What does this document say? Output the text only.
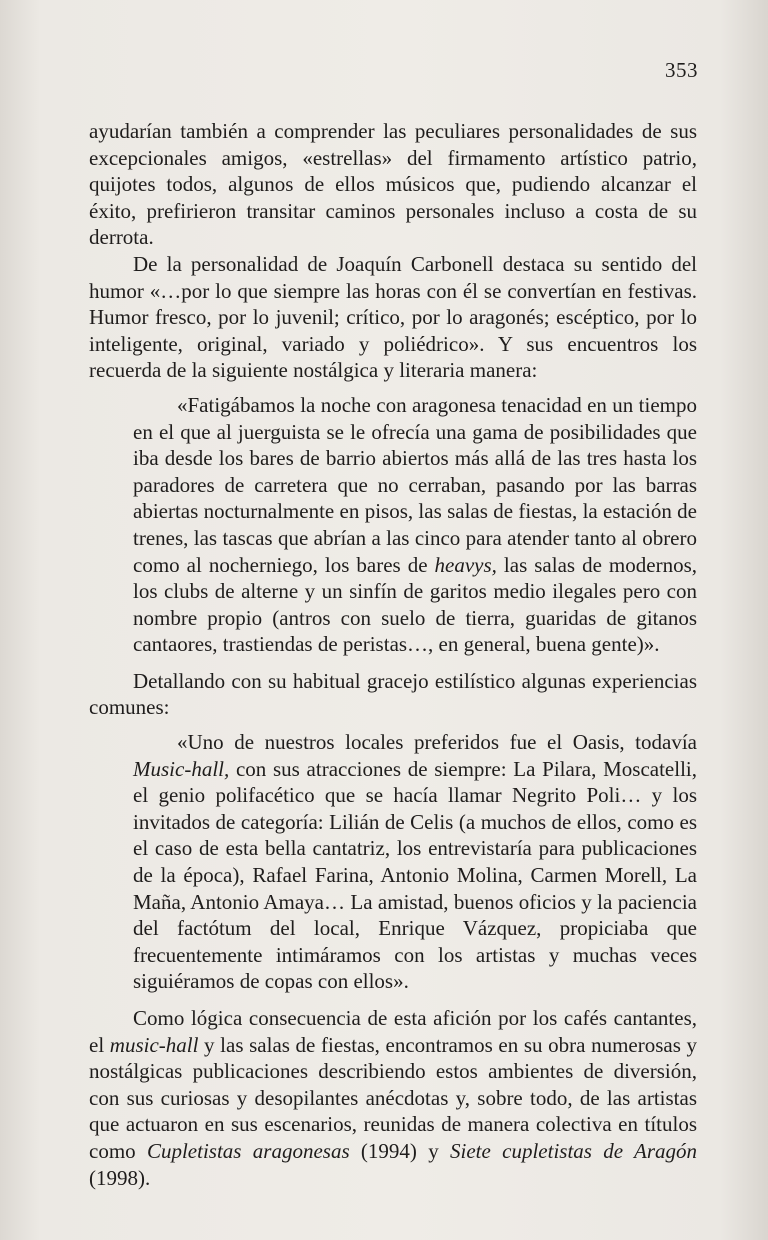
353

ayudarían también a comprender las peculiares personalidades de sus excepcionales amigos, «estrellas» del firmamento artístico patrio, quijotes todos, algunos de ellos músicos que, pudiendo alcanzar el éxito, prefirieron transitar caminos personales incluso a costa de su derrota.

De la personalidad de Joaquín Carbonell destaca su sentido del humor «…por lo que siempre las horas con él se convertían en festivas. Humor fresco, por lo juvenil; crítico, por lo aragonés; escéptico, por lo inteligente, original, variado y poliédrico». Y sus encuentros los recuerda de la siguiente nostálgica y literaria manera:

«Fatigábamos la noche con aragonesa tenacidad en un tiempo en el que al juerguista se le ofrecía una gama de posibilidades que iba desde los bares de barrio abiertos más allá de las tres hasta los paradores de carretera que no cerraban, pasando por las barras abiertas nocturnalmente en pisos, las salas de fiestas, la estación de trenes, las tascas que abrían a las cinco para atender tanto al obrero como al nocherniego, los bares de heavys, las salas de modernos, los clubs de alterne y un sinfín de garitos medio ilegales pero con nombre propio (antros con suelo de tierra, guaridas de gitanos cantaores, trastiendas de peristas…, en general, buena gente)».

Detallando con su habitual gracejo estilístico algunas experiencias comunes:

«Uno de nuestros locales preferidos fue el Oasis, todavía Music-hall, con sus atracciones de siempre: La Pilara, Moscatelli, el genio polifacético que se hacía llamar Negrito Poli… y los invitados de categoría: Lilián de Celis (a muchos de ellos, como es el caso de esta bella cantatriz, los entrevistaría para publicaciones de la época), Rafael Farina, Antonio Molina, Carmen Morell, La Maña, Antonio Amaya… La amistad, buenos oficios y la paciencia del factótum del local, Enrique Vázquez, propiciaba que frecuentemente intimáramos con los artistas y muchas veces siguiéramos de copas con ellos».

Como lógica consecuencia de esta afición por los cafés cantantes, el music-hall y las salas de fiestas, encontramos en su obra numerosas y nostálgicas publicaciones describiendo estos ambientes de diversión, con sus curiosas y desopilantes anécdotas y, sobre todo, de las artistas que actuaron en sus escenarios, reunidas de manera colectiva en títulos como Cupletistas aragonesas (1994) y Siete cupletistas de Aragón (1998).
